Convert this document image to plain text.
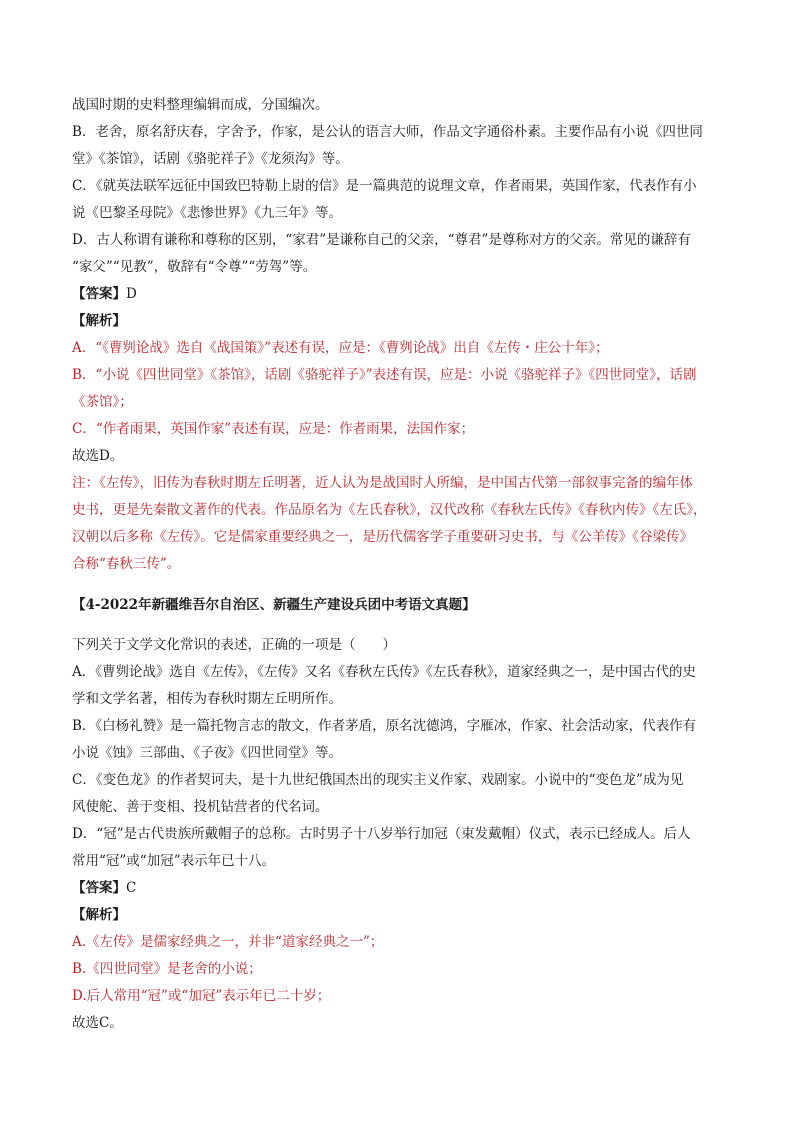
战国时期的史料整理编辑而成，分国编次。

B．老舍，原名舒庆春，字舍予，作家，是公认的语言大师，作品文字通俗朴素。主要作品有小说《四世同

堂》《茶馆》，话剧《骆驼祥子》《龙须沟》等。

C．《就英法联军远征中国致巴特勒上尉的信》是一篇典范的说理文章，作者雨果，英国作家，代表作有小

说《巴黎圣母院》《悲惨世界》《九三年》等。

D．古人称谓有谦称和尊称的区别，“家君”是谦称自己的父亲，“尊君”是尊称对方的父亲。常见的谦辞有

“家父”“见教”，敬辞有“令尊”“劳驾”等。

【答案】D

【解析】

A．“《曹刿论战》选自《战国策》”表述有误，应是：《曹刿论战》出自《左传・庄公十年》；

B．“小说《四世同堂》《茶馆》，话剧《骆驼祥子》”表述有误，应是：小说《骆驼祥子》《四世同堂》，话剧

《茶馆》；

C．“作者雨果，英国作家”表述有误，应是：作者雨果，法国作家；

故选D。

注：《左传》，旧传为春秋时期左丘明著，近人认为是战国时人所编，是中国古代第一部叙事完备的编年体

史书，更是先秦散文著作的代表。作品原名为《左氏春秋》，汉代改称《春秋左氏传》《春秋内传》《左氏》，

汉朝以后多称《左传》。它是儒家重要经典之一，是历代儒客学子重要研习史书，与《公羊传》《谷梁传》

合称“春秋三传”。

【4-2022年新疆维吾尔自治区、新疆生产建设兵团中考语文真题】

下列关于文学文化常识的表述，正确的一项是（　　）

A．《曹刿论战》选自《左传》，《左传》又名《春秋左氏传》《左氏春秋》，道家经典之一，是中国古代的史

学和文学名著，相传为春秋时期左丘明所作。

B．《白杨礼赞》是一篇托物言志的散文，作者茅盾，原名沈德鸿，字雁冰，作家、社会活动家，代表作有

小说《蚀》三部曲、《子夜》《四世同堂》等。

C．《变色龙》的作者契诃夫，是十九世纪俄国杰出的现实主义作家、戏剧家。小说中的“变色龙”成为见

风使舵、善于变相、投机钻营者的代名词。

D．“冠”是古代贵族所戴帽子的总称。古时男子十八岁举行加冠（束发戴帽）仪式，表示已经成人。后人

常用“冠”或“加冠”表示年已十八。

【答案】C

【解析】

A.《左传》是儒家经典之一，并非“道家经典之一”；

B.《四世同堂》是老舍的小说；

D.后人常用“冠”或“加冠”表示年已二十岁；

故选C。
